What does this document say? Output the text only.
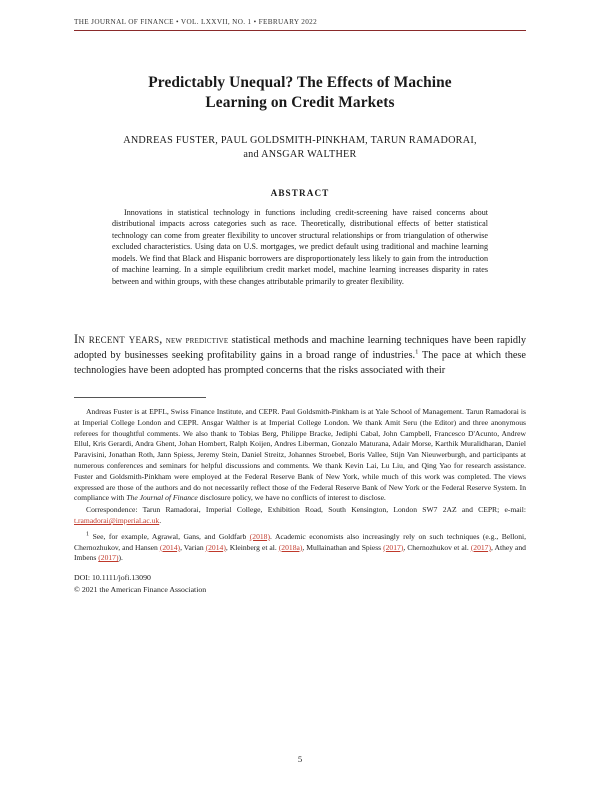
THE JOURNAL OF FINANCE • VOL. LXXVII, NO. 1 • FEBRUARY 2022
Predictably Unequal? The Effects of Machine
Learning on Credit Markets
ANDREAS FUSTER, PAUL GOLDSMITH-PINKHAM, TARUN RAMADORAI,
and ANSGAR WALTHER
ABSTRACT
Innovations in statistical technology in functions including credit-screening have raised concerns about distributional impacts across categories such as race. Theoretically, distributional effects of better statistical technology can come from greater flexibility to uncover structural relationships or from triangulation of otherwise excluded characteristics. Using data on U.S. mortgages, we predict default using traditional and machine learning models. We find that Black and Hispanic borrowers are disproportionately less likely to gain from the introduction of machine learning. In a simple equilibrium credit market model, machine learning increases disparity in rates between and within groups, with these changes attributable primarily to greater flexibility.

In recent years, new predictive statistical methods and machine learning techniques have been rapidly adopted by businesses seeking profitability gains in a broad range of industries.$^1$ The pace at which these technologies have been adopted has prompted concerns that the risks associated with their

Andreas Fuster is at EPFL, Swiss Finance Institute, and CEPR. Paul Goldsmith-Pinkham is at Yale School of Management. Tarun Ramadorai is at Imperial College London and CEPR. Ansgar Walther is at Imperial College London. We thank Amit Seru (the Editor) and three anonymous referees for thoughtful comments. We also thank to Tobias Berg, Philippe Bracke, Jediphi Cabal, John Campbell, Francesco D'Acunto, Andrew Ellul, Kris Gerardi, Andra Ghent, Johan Hombert, Ralph Koijen, Andres Liberman, Gonzalo Maturana, Adair Morse, Karthik Muralidharan, Daniel Paravisini, Jonathan Roth, Jann Spiess, Jeremy Stein, Daniel Streitz, Johannes Stroebel, Boris Vallee, Stijn Van Nieuwerburgh, and participants at numerous conferences and seminars for helpful discussions and comments. We thank Kevin Lai, Lu Liu, and Qing Yao for research assistance. Fuster and Goldsmith-Pinkham were employed at the Federal Reserve Bank of New York, while much of this work was completed. The views expressed are those of the authors and do not necessarily reflect those of the Federal Reserve Bank of New York or the Federal Reserve System. In compliance with The Journal of Finance disclosure policy, we have no conflicts of interest to disclose.

Correspondence: Tarun Ramadorai, Imperial College, Exhibition Road, South Kensington, London SW7 2AZ and CEPR; e-mail: t.ramadorai@imperial.ac.uk.

$^1$ See, for example, Agrawal, Gans, and Goldfarb (2018). Academic economists also increasingly rely on such techniques (e.g., Belloni, Chernozhukov, and Hansen (2014), Varian (2014), Kleinberg et al. (2018a), Mullainathan and Spiess (2017), Chernozhukov et al. (2017), Athey and Imbens (2017)).

DOI: 10.1111/jofi.13090
© 2021 the American Finance Association
5
